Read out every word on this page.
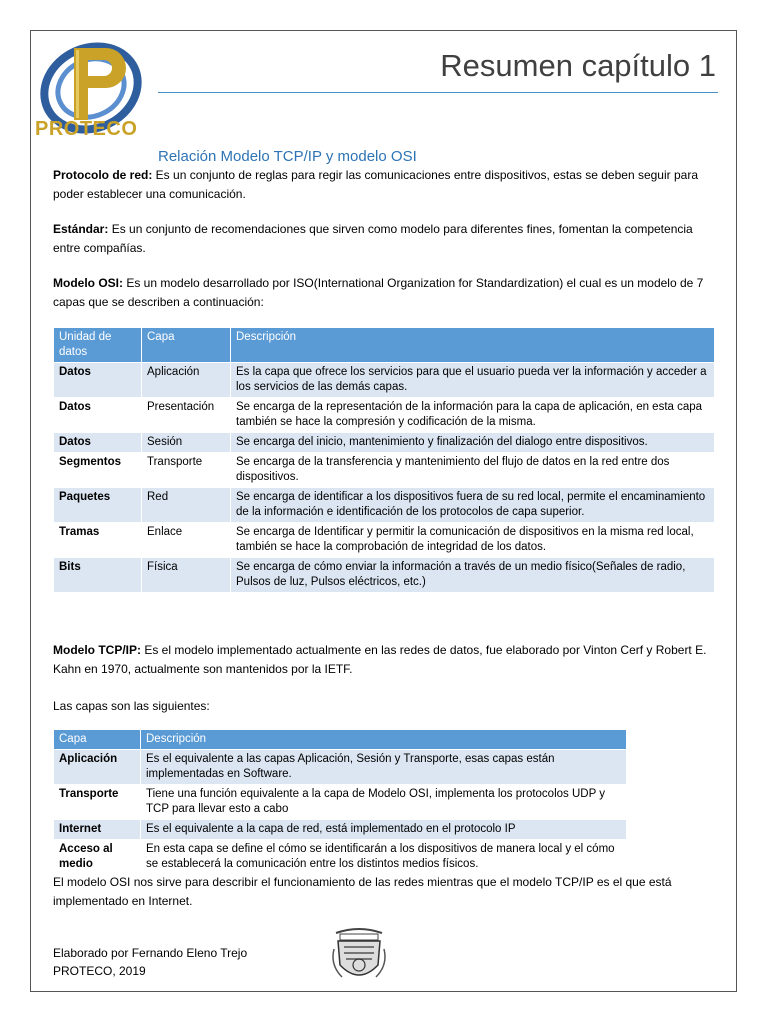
PROTECO
Resumen capítulo 1
Relación Modelo TCP/IP y modelo OSI
Protocolo de red: Es un conjunto de reglas para regir las comunicaciones entre dispositivos, estas se deben seguir para poder establecer una comunicación.
Estándar: Es un conjunto de recomendaciones que sirven como modelo para diferentes fines, fomentan la competencia entre compañías.
Modelo OSI: Es un modelo desarrollado por ISO(International Organization for Standardization) el cual es un modelo de 7 capas que se describen a continuación:
Unidad de datos	Capa	Descripción
Datos	Aplicación	Es la capa que ofrece los servicios para que el usuario pueda ver la información y acceder a los servicios de las demás capas.
Datos	Presentación	Se encarga de la representación de la información para la capa de aplicación, en esta capa también se hace la compresión y codificación de la misma.
Datos	Sesión	Se encarga del inicio, mantenimiento y finalización del dialogo entre dispositivos.
Segmentos	Transporte	Se encarga de la transferencia y mantenimiento del flujo de datos en la red entre dos dispositivos.
Paquetes	Red	Se encarga de identificar a los dispositivos fuera de su red local, permite el encaminamiento de la información e identificación de los protocolos de capa superior.
Tramas	Enlace	Se encarga de Identificar y permitir la comunicación de dispositivos en la misma red local, también se hace la comprobación de integridad de los datos.
Bits	Física	Se encarga de cómo enviar la información a través de un medio físico(Señales de radio, Pulsos de luz, Pulsos eléctricos, etc.)
Modelo TCP/IP: Es el modelo implementado actualmente en las redes de datos, fue elaborado por Vinton Cerf y Robert E. Kahn en 1970, actualmente son mantenidos por la IETF.
Las capas son las siguientes:
Capa	Descripción
Aplicación	Es el equivalente a las capas Aplicación, Sesión y Transporte, esas capas están implementadas en Software.
Transporte	Tiene una función equivalente a la capa de Modelo OSI, implementa los protocolos UDP y TCP para llevar esto a cabo
Internet	Es el equivalente a la capa de red, está implementado en el protocolo IP
Acceso al medio	En esta capa se define el cómo se identificarán a los dispositivos de manera local y el cómo se establecerá la comunicación entre los distintos medios físicos.
El modelo OSI nos sirve para describir el funcionamiento de las redes mientras que el modelo TCP/IP es el que está implementado en Internet.
Elaborado por Fernando Eleno Trejo
PROTECO, 2019
